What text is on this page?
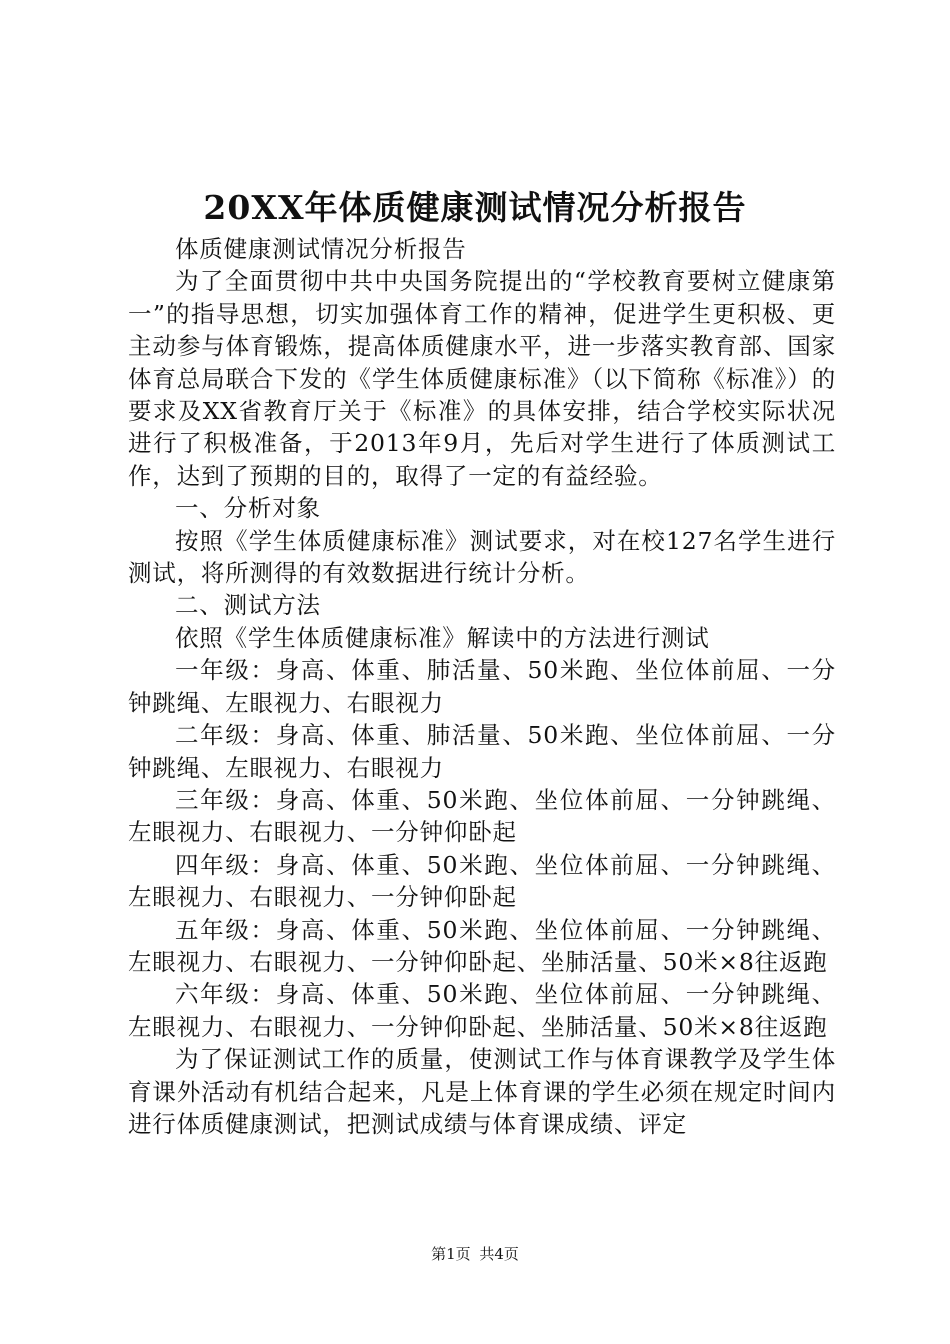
20XX年体质健康测试情况分析报告

体质健康测试情况分析报告

为了全面贯彻中共中央国务院提出的“学校教育要树立健康第一”的指导思想，切实加强体育工作的精神，促进学生更积极、更主动参与体育锻炼，提高体质健康水平，进一步落实教育部、国家体育总局联合下发的《学生体质健康标准》（以下简称《标准》）的要求及XX省教育厅关于《标准》的具体安排，结合学校实际状况进行了积极准备，于2013年9月，先后对学生进行了体质测试工作，达到了预期的目的，取得了一定的有益经验。

一、分析对象

按照《学生体质健康标准》测试要求，对在校127名学生进行测试，将所测得的有效数据进行统计分析。

二、测试方法

依照《学生体质健康标准》解读中的方法进行测试

一年级：身高、体重、肺活量、50米跑、坐位体前屈、一分钟跳绳、左眼视力、右眼视力

二年级：身高、体重、肺活量、50米跑、坐位体前屈、一分钟跳绳、左眼视力、右眼视力

三年级：身高、体重、50米跑、坐位体前屈、一分钟跳绳、左眼视力、右眼视力、一分钟仰卧起

四年级：身高、体重、50米跑、坐位体前屈、一分钟跳绳、左眼视力、右眼视力、一分钟仰卧起

五年级：身高、体重、50米跑、坐位体前屈、一分钟跳绳、左眼视力、右眼视力、一分钟仰卧起、坐肺活量、50米×8往返跑

六年级：身高、体重、50米跑、坐位体前屈、一分钟跳绳、左眼视力、右眼视力、一分钟仰卧起、坐肺活量、50米×8往返跑

为了保证测试工作的质量，使测试工作与体育课教学及学生体育课外活动有机结合起来，凡是上体育课的学生必须在规定时间内进行体质健康测试，把测试成绩与体育课成绩、评定

第1页 共4页
